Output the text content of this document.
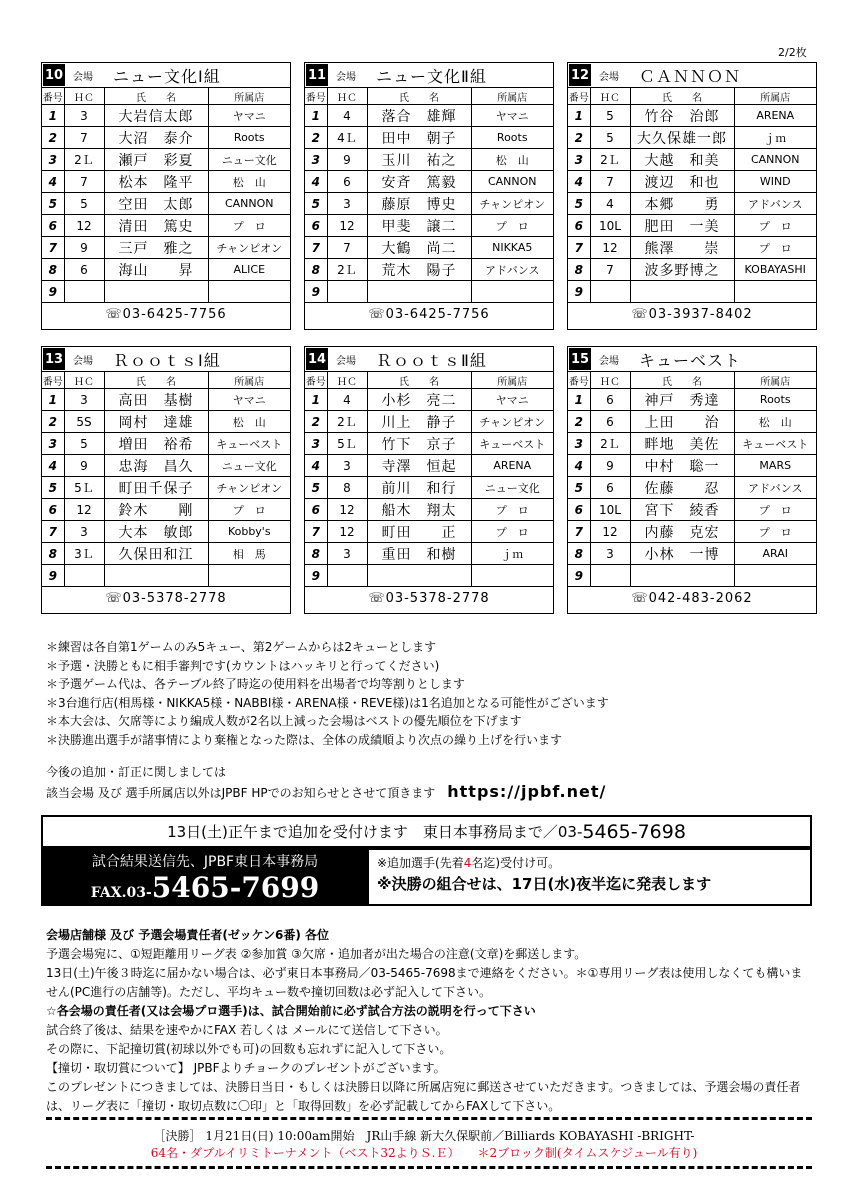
2/2枚
10 会場	ニュー文化Ⅰ組
番号	ＨＣ	氏　　名	所属店
1	3	大岩信太郎	ヤマニ
2	7	大沼　泰介	Roots
3	2Ｌ	瀬戸　彩夏	ニュー文化
4	7	松本　隆平	松　山
5	5	空田　太郎	CANNON
6	12	清田　篤史	プ　ロ
7	9	三戸　雅之	チャンピオン
8	6	海山　　昇	ALICE
9			
☏03-6425-7756
11 会場	ニュー文化Ⅱ組
番号	ＨＣ	氏　　名	所属店
1	4	落合　雄輝	ヤマニ
2	4Ｌ	田中　朝子	Roots
3	9	玉川　祐之	松　山
4	6	安斉　篤毅	CANNON
5	3	藤原　博史	チャンピオン
6	12	甲斐　譲二	プ　ロ
7	7	大鶴　尚二	NIKKA5
8	2Ｌ	荒木　陽子	アドバンス
9			
☏03-6425-7756
12 会場	ＣＡＮＮＯＮ
番号	ＨＣ	氏　　名	所属店
1	5	竹谷　治郎	ARENA
2	5	大久保雄一郎	ｊｍ
3	2Ｌ	大越　和美	CANNON
4	7	渡辺　和也	WIND
5	4	本郷　　勇	アドバンス
6	10L	肥田　一美	プ　ロ
7	12	熊澤　　崇	プ　ロ
8	7	波多野博之	KOBAYASHI
9			
☏03-3937-8402
13 会場	ＲｏｏｔｓⅠ組
番号	ＨＣ	氏　　名	所属店
1	3	高田　基樹	ヤマニ
2	5S	岡村　達雄	松　山
3	5	増田　裕希	キューベスト
4	9	忠海　昌久	ニュー文化
5	5Ｌ	町田千保子	チャンピオン
6	12	鈴木　　剛	プ　ロ
7	3	大本　敏郎	Kobby's
8	3Ｌ	久保田和江	相　馬
9			
☏03-5378-2778
14 会場	ＲｏｏｔｓⅡ組
番号	ＨＣ	氏　　名	所属店
1	4	小杉　亮二	ヤマニ
2	2Ｌ	川上　静子	チャンピオン
3	5Ｌ	竹下　京子	キューベスト
4	3	寺澤　恒起	ARENA
5	8	前川　和行	ニュー文化
6	12	船木　翔太	プ　ロ
7	12	町田　　正	プ　ロ
8	3	重田　和樹	ｊｍ
9			
☏03-5378-2778
15 会場	キューベスト
番号	ＨＣ	氏　　名	所属店
1	6	神戸　秀達	Roots
2	6	上田　　治	松　山
3	2Ｌ	畔地　美佐	キューベスト
4	9	中村　聡一	MARS
5	6	佐藤　　忍	アドバンス
6	10L	宮下　綾香	プ　ロ
7	12	内藤　克宏	プ　ロ
8	3	小林　一博	ARAI
9			
☏042-483-2062
＊練習は各自第1ゲームのみ5キュー、第2ゲームからは2キューとします
＊予選・決勝ともに相手審判です(カウントはハッキリと行ってください)
＊予選ゲーム代は、各テーブル終了時迄の使用料を出場者で均等割りとします
＊3台進行店(相馬様・NIKKA5様・NABBI様・ARENA様・REVE様)は1名追加となる可能性がございます
＊本大会は、欠席等により編成人数が2名以上減った会場はベストの優先順位を下げます
＊決勝進出選手が諸事情により棄権となった際は、全体の成績順より次点の繰り上げを行います
今後の追加・訂正に関しましては
該当会場 及び 選手所属店以外はJPBF HPでのお知らせとさせて頂きます https://jpbf.net/
13日(土)正午まで追加を受付けます　東日本事務局まで／03- 5465-7698
試合結果送信先、JPBF東日本事務局
FAX.03-5465-7699
※追加選手(先着4名迄)受付け可。
※決勝の組合せは、17日(水)夜半迄に発表します
会場店舗様 及び 予選会場責任者(ゼッケン6番) 各位
予選会場宛に、①短距離用リーグ表 ②参加賞 ③欠席・追加者が出た場合の注意(文章)を郵送します。
13日(土)午後３時迄に届かない場合は、必ず東日本事務局／03-5465-7698まで連絡をください。＊①専用リーグ表は使用しなくても構いません(PC進行の店舗等)。ただし、平均キュー数や撞切回数は必ず記入して下さい。
☆各会場の責任者(又は会場プロ選手)は、試合開始前に必ず試合方法の説明を行って下さい
試合終了後は、結果を速やかにFAX 若しくは メールにて送信して下さい。
その際に、下記撞切賞(初球以外でも可)の回数も忘れずに記入して下さい。
【撞切・取切賞について】 JPBFよりチョークのプレゼントがございます。
このプレゼントにつきましては、決勝日当日・もしくは決勝日以降に所属店宛に郵送させていただきます。つきましては、予選会場の責任者は、リーグ表に「撞切・取切点数に〇印」と「取得回数」を必ず記載してからFAXして下さい。
［決勝］ 1月21日(日) 10:00am開始　JR山手線 新大久保駅前／Billiards KOBAYASHI -BRIGHT-
64名・ダブルイリミトーナメント（ベスト32よりＳ.Ｅ）　　 ＊2ブロック制(タイムスケジュール有り)
